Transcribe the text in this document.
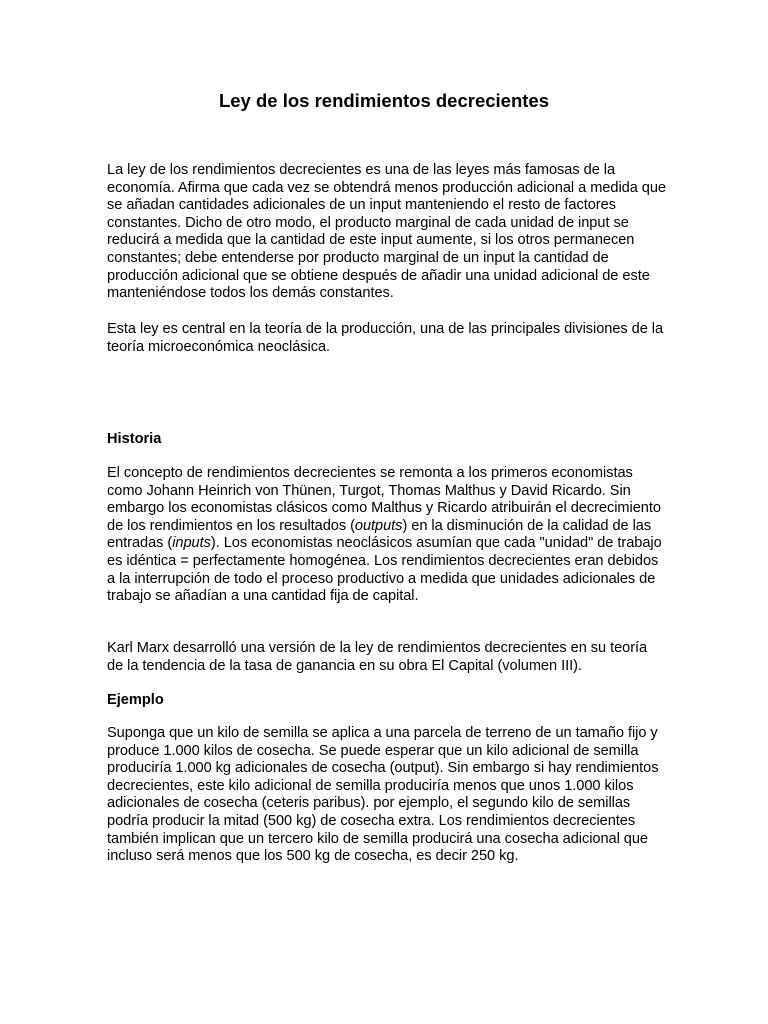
Ley de los rendimientos decrecientes

La ley de los rendimientos decrecientes es una de las leyes más famosas de la economía. Afirma que cada vez se obtendrá menos producción adicional a medida que se añadan cantidades adicionales de un input manteniendo el resto de factores constantes. Dicho de otro modo, el producto marginal de cada unidad de input se reducirá a medida que la cantidad de este input aumente, si los otros permanecen constantes; debe entenderse por producto marginal de un input la cantidad de producción adicional que se obtiene después de añadir una unidad adicional de este manteniéndose todos los demás constantes.

Esta ley es central en la teoría de la producción, una de las principales divisiones de la teoría microeconómica neoclásica.

Historia

El concepto de rendimientos decrecientes se remonta a los primeros economistas como Johann Heinrich von Thünen, Turgot, Thomas Malthus y David Ricardo. Sin embargo los economistas clásicos como Malthus y Ricardo atribuirán el decrecimiento de los rendimientos en los resultados (outputs) en la disminución de la calidad de las entradas (inputs). Los economistas neoclásicos asumían que cada "unidad" de trabajo es idéntica = perfectamente homogénea. Los rendimientos decrecientes eran debidos a la interrupción de todo el proceso productivo a medida que unidades adicionales de trabajo se añadían a una cantidad fija de capital.

Karl Marx desarrolló una versión de la ley de rendimientos decrecientes en su teoría de la tendencia de la tasa de ganancia en su obra El Capital (volumen III).

Ejemplo

Suponga que un kilo de semilla se aplica a una parcela de terreno de un tamaño fijo y produce 1.000 kilos de cosecha. Se puede esperar que un kilo adicional de semilla produciría 1.000 kg adicionales de cosecha (output). Sin embargo si hay rendimientos decrecientes, este kilo adicional de semilla produciría menos que unos 1.000 kilos adicionales de cosecha (ceteris paribus). por ejemplo, el segundo kilo de semillas podría producir la mitad (500 kg) de cosecha extra. Los rendimientos decrecientes también implican que un tercero kilo de semilla producirá una cosecha adicional que incluso será menos que los 500 kg de cosecha, es decir 250 kg.
